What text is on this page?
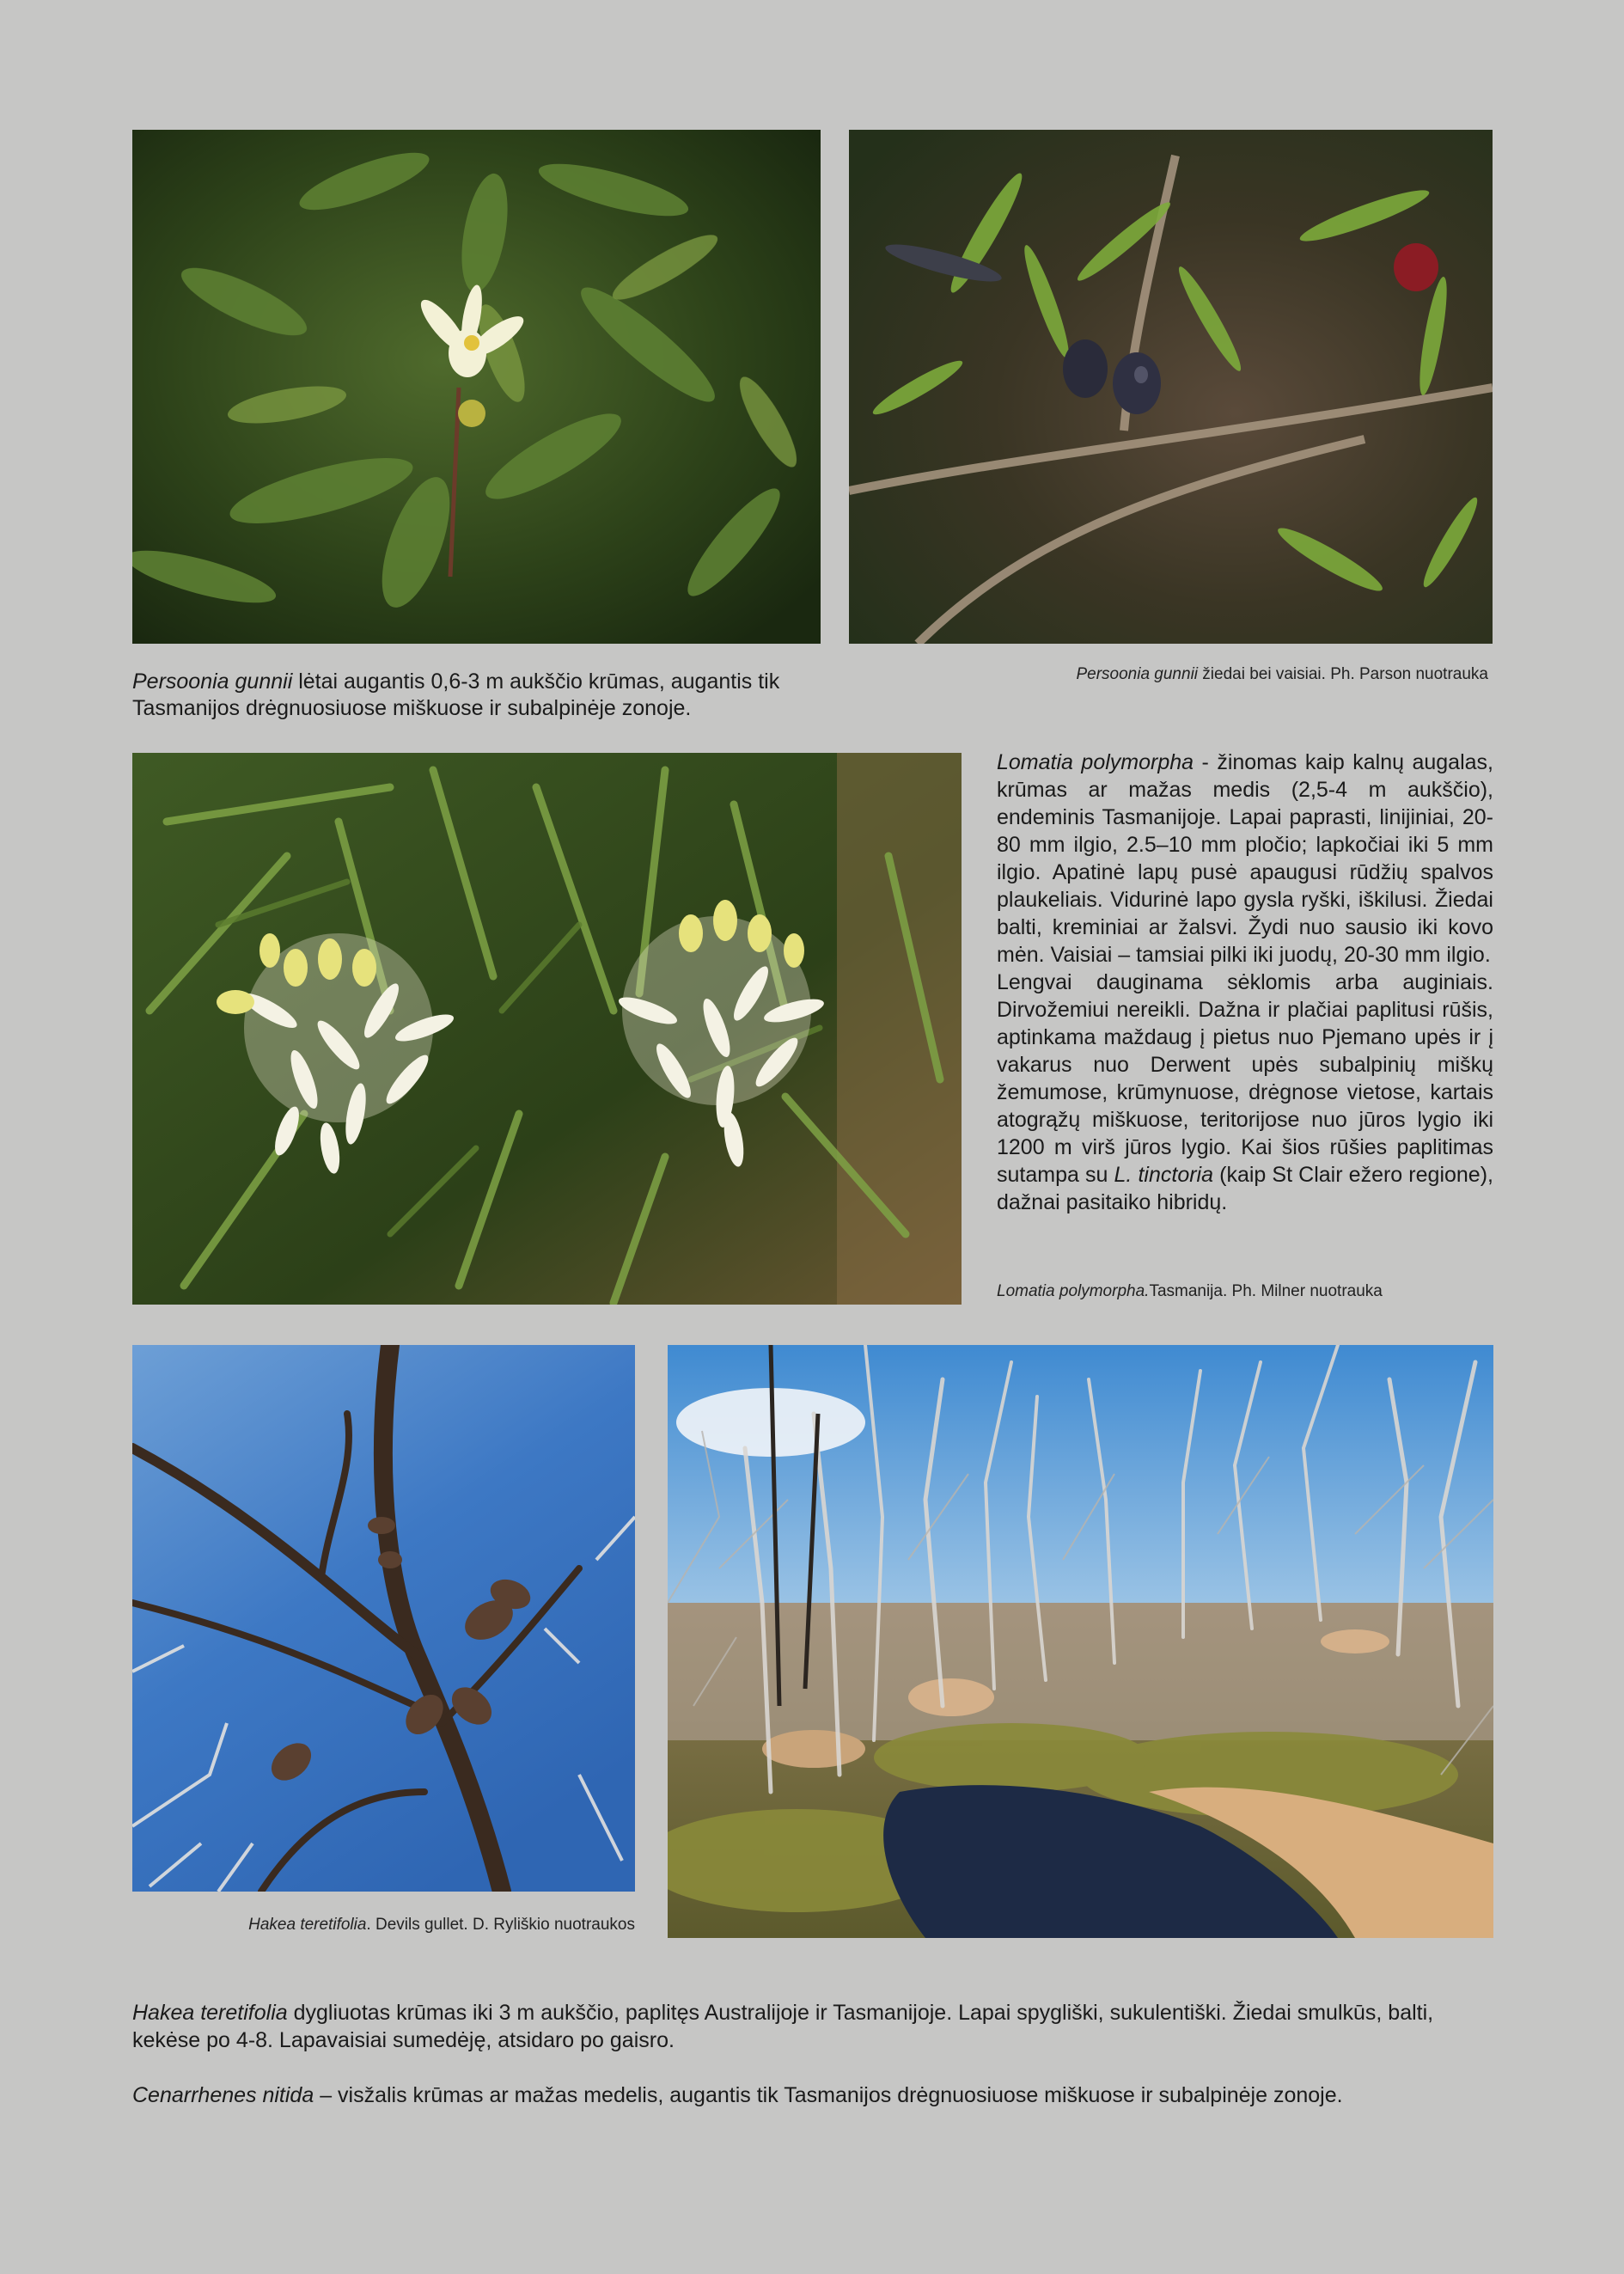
Persoonia gunnii lėtai augantis 0,6-3 m aukščio krūmas, augantis tik Tasmanijos drėgnuosiuose miškuose ir subalpinėje zonoje.
Persoonia gunnii žiedai bei vaisiai. Ph. Parson nuotrauka

Lomatia polymorpha - žinomas kaip kalnų augalas, krūmas ar mažas medis (2,5-4 m aukščio), endeminis Tasmanijoje. Lapai paprasti, linijiniai, 20-80 mm ilgio, 2.5–10 mm pločio; lapkočiai iki 5 mm ilgio. Apatinė lapų pusė apaugusi rūdžių spalvos plaukeliais. Vidurinė lapo gysla ryški, iškilusi. Žiedai balti, kreminiai ar žalsvi. Žydi nuo sausio iki kovo mėn. Vaisiai – tamsiai pilki iki juodų, 20-30 mm ilgio.

Lengvai dauginama sėklomis arba auginiais. Dirvožemiui nereikli. Dažna ir plačiai paplitusi rūšis, aptinkama maždaug į pietus nuo Pjemano upės ir į vakarus nuo Derwent upės subalpinių miškų žemumose, krūmynuose, drėgnose vietose, kartais atogrąžų miškuose, teritorijose nuo jūros lygio iki 1200 m virš jūros lygio. Kai šios rūšies paplitimas sutampa su L. tinctoria (kaip St Clair ežero regione), dažnai pasitaiko hibridų.

Lomatia polymorpha.Tasmanija. Ph. Milner nuotrauka
Hakea teretifolia. Devils gullet. D. Ryliškio nuotraukos
Hakea teretifolia dygliuotas krūmas iki 3 m aukščio, paplitęs Australijoje ir Tasmanijoje. Lapai spygliški, sukulentiški. Žiedai smulkūs, balti, kekėse po 4-8. Lapavaisiai sumedėję, atsidaro po gaisro.
Cenarrhenes nitida – visžalis krūmas ar mažas medelis, augantis tik Tasmanijos drėgnuosiuose miškuose ir subalpinėje zonoje.
